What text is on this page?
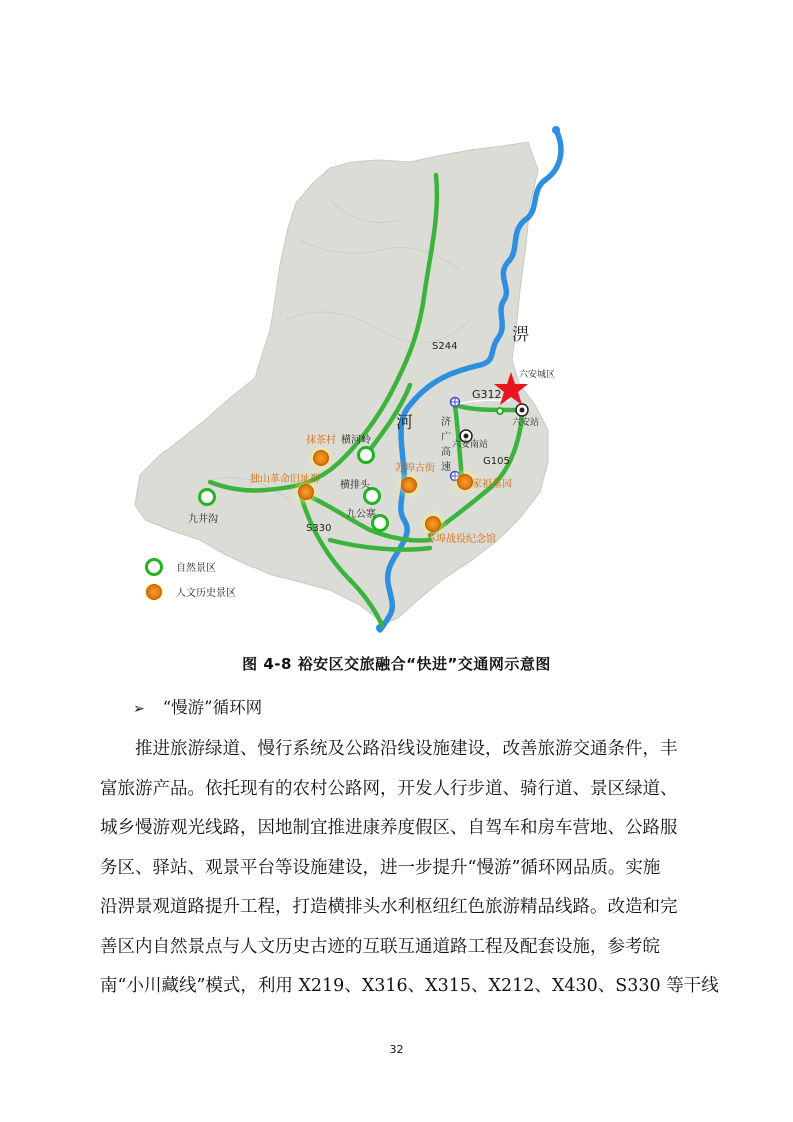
淠
河
S244
G312
S330
G105
济
广
高
速
六安城区
六安站
六安南站
九井沟
横河岭
横排头
九公寨
抹茶村
独山革命旧址群
苏埠古街
家祖墓园
苏埠战役纪念馆
自然景区
人文历史景区
图 4-8 裕安区交旅融合“快进”交通网示意图
➢ “慢游”循环网
推进旅游绿道、慢行系统及公路沿线设施建设，改善旅游交通条件，丰
富旅游产品。依托现有的农村公路网，开发人行步道、骑行道、景区绿道、
城乡慢游观光线路，因地制宜推进康养度假区、自驾车和房车营地、公路服
务区、驿站、观景平台等设施建设，进一步提升“慢游”循环网品质。实施
沿淠景观道路提升工程，打造横排头水利枢纽红色旅游精品线路。改造和完
善区内自然景点与人文历史古迹的互联互通道路工程及配套设施，参考皖
南“小川藏线”模式，利用 X219、X316、X315、X212、X430、S330 等干线
32
